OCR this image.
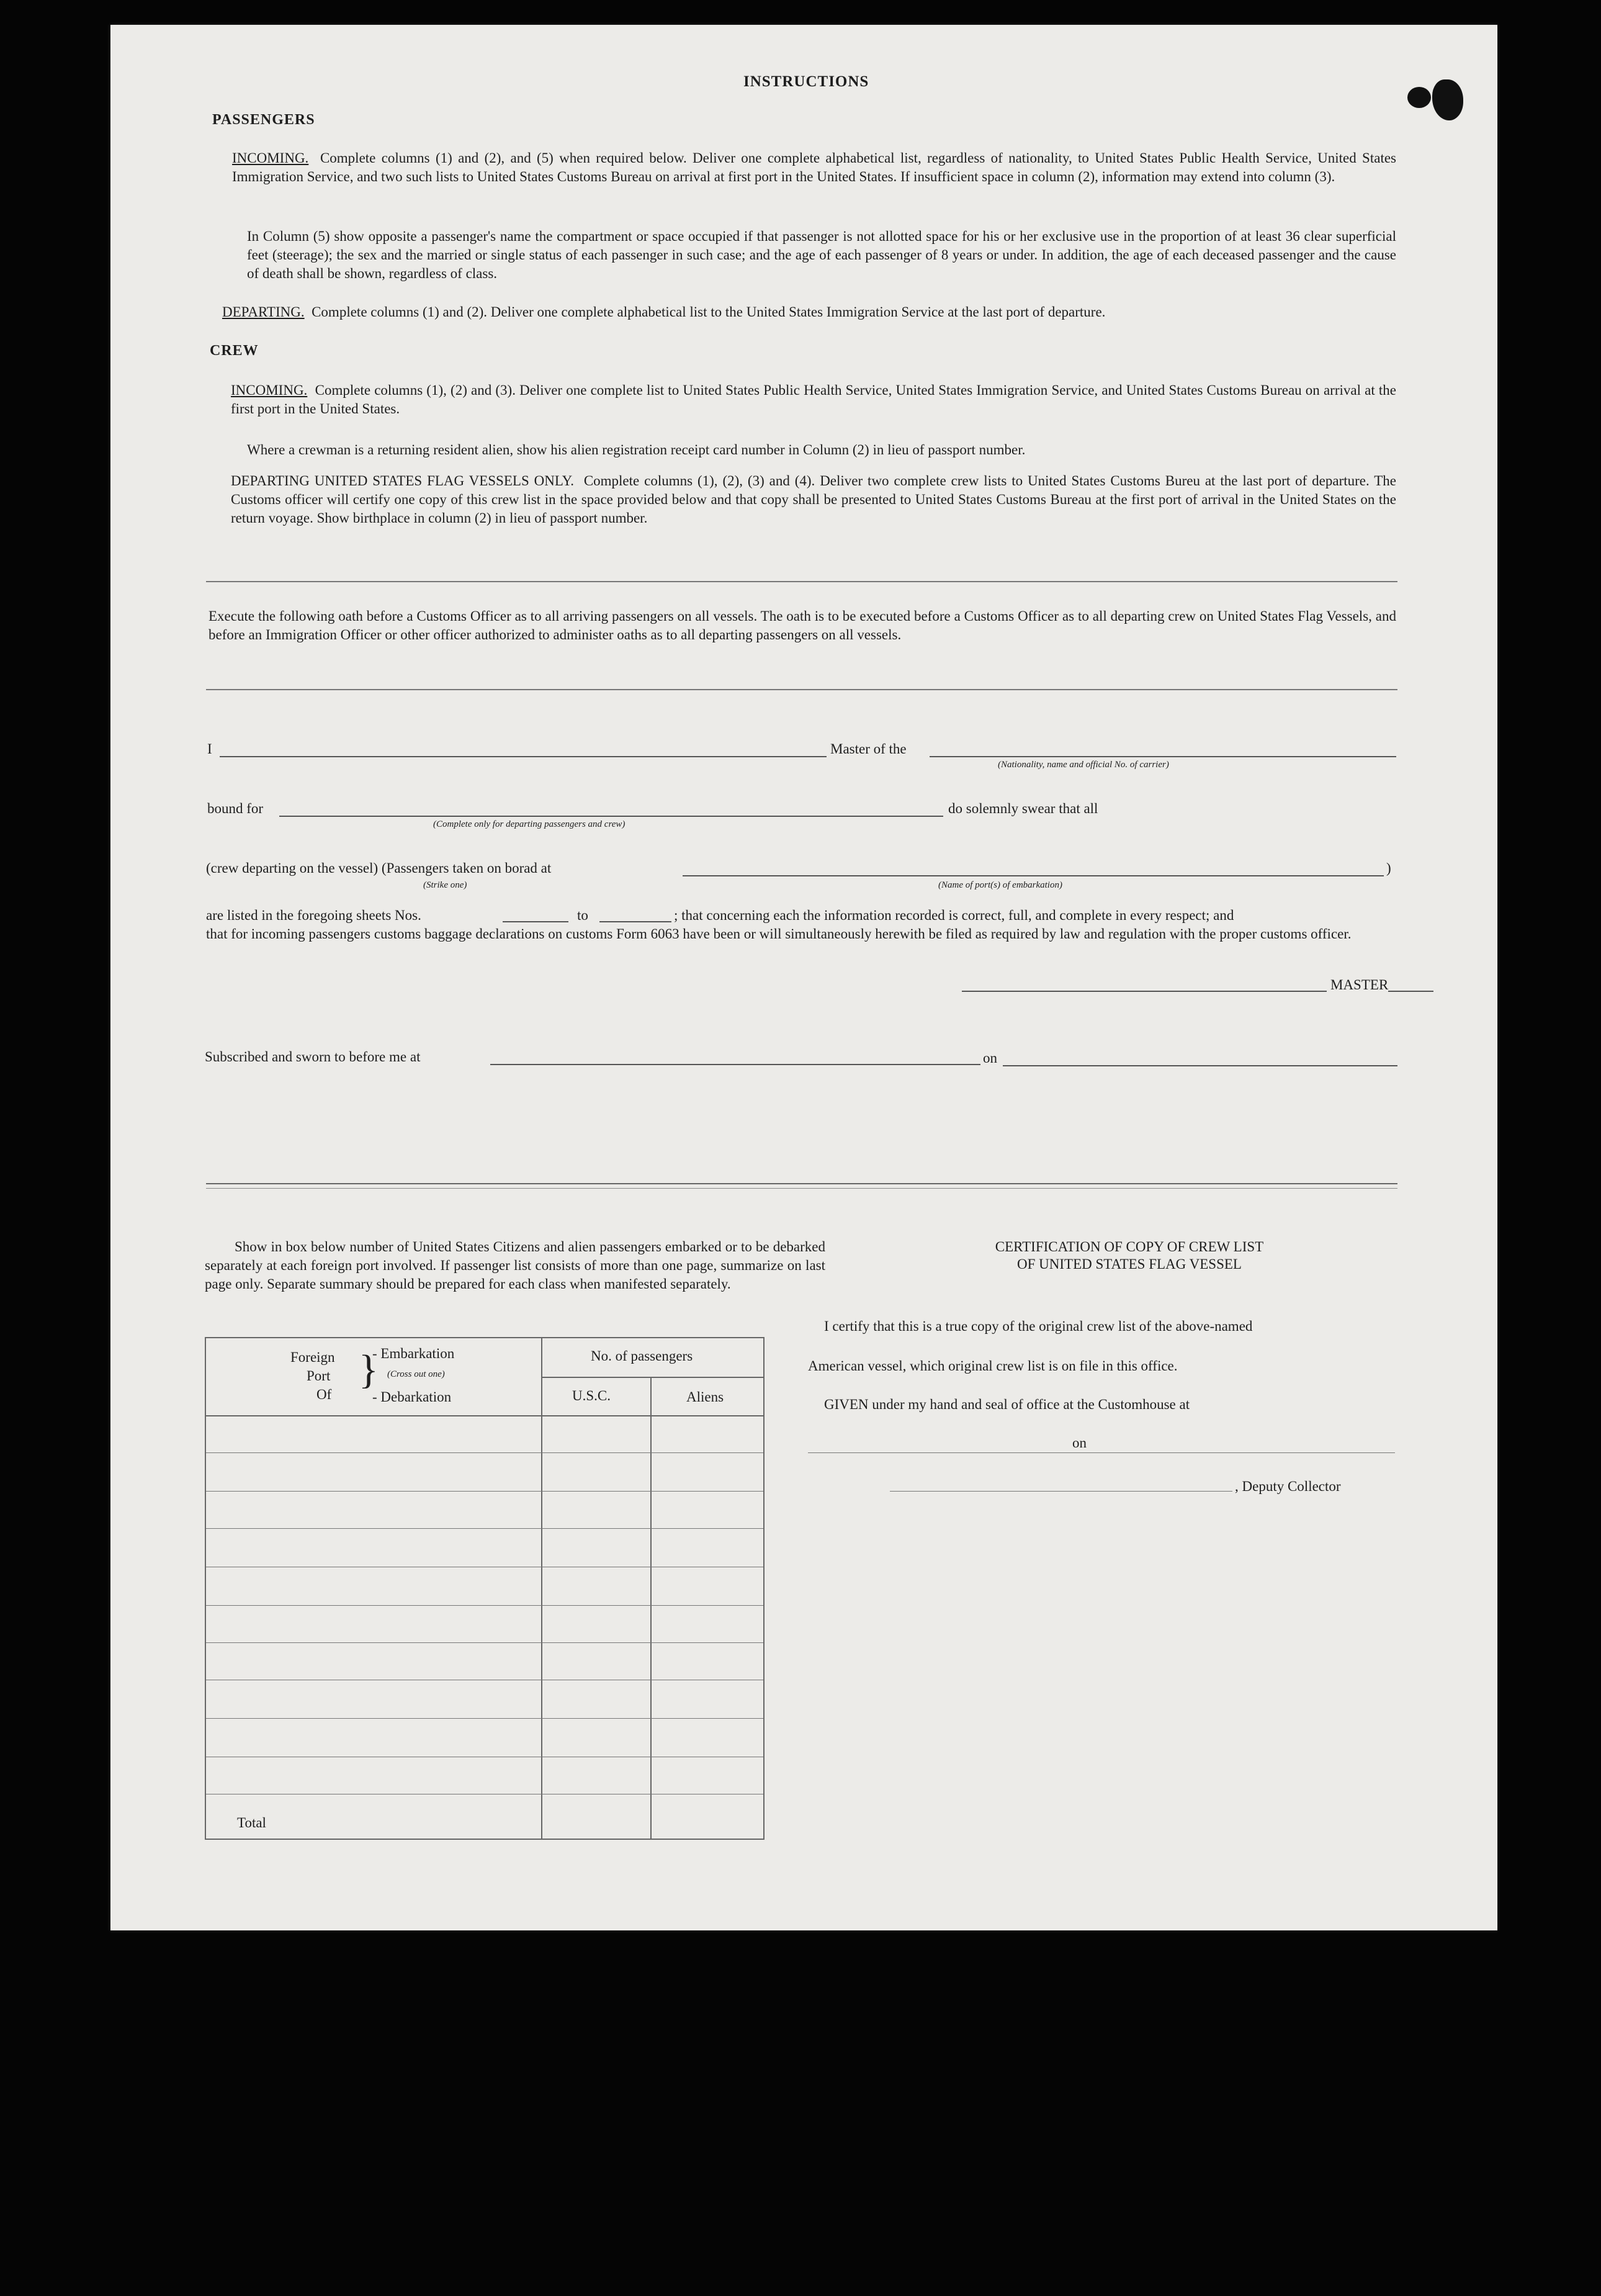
INSTRUCTIONS
PASSENGERS
INCOMING. Complete columns (1) and (2), and (5) when required below. Deliver one complete alphabetical list, regardless of nationality, to United States Public Health Service, United States Immigration Service, and two such lists to United States Customs Bureau on arrival at first port in the United States. If insufficient space in column (2), information may extend into column (3).
In Column (5) show opposite a passenger's name the compartment or space occupied if that passenger is not allotted space for his or her exclusive use in the proportion of at least 36 clear superficial feet (steerage); the sex and the married or single status of each passenger in such case; and the age of each passenger of 8 years or under. In addition, the age of each deceased passenger and the cause of death shall be shown, regardless of class.
DEPARTING. Complete columns (1) and (2). Deliver one complete alphabetical list to the United States Immigration Service at the last port of departure.
CREW
INCOMING. Complete columns (1), (2) and (3). Deliver one complete list to United States Public Health Service, United States Immigration Service, and United States Customs Bureau on arrival at the first port in the United States.
Where a crewman is a returning resident alien, show his alien registration receipt card number in Column (2) in lieu of passport number.
DEPARTING UNITED STATES FLAG VESSELS ONLY. Complete columns (1), (2), (3) and (4). Deliver two complete crew lists to United States Customs Bureu at the last port of departure. The Customs officer will certify one copy of this crew list in the space provided below and that copy shall be presented to United States Customs Bureau at the first port of arrival in the United States on the return voyage. Show birthplace in column (2) in lieu of passport number.
Execute the following oath before a Customs Officer as to all arriving passengers on all vessels. The oath is to be executed before a Customs Officer as to all departing crew on United States Flag Vessels, and before an Immigration Officer or other officer authorized to administer oaths as to all departing passengers on all vessels.
I	Master of the
(Nationality, name and official No. of carrier)
bound for	do solemnly swear that all
(Complete only for departing passengers and crew)
(crew departing on the vessel) (Passengers taken on borad at	)
(Strike one)	(Name of port(s) of embarkation)
are listed in the foregoing sheets Nos.	to	; that concerning each the information recorded is correct, full, and complete in every respect; and
that for incoming passengers customs baggage declarations on customs Form 6063 have been or will simultaneously herewith be filed as required by law and regulation with the proper customs officer.
MASTER
Subscribed and sworn to before me at	on
Show in box below number of United States Citizens and alien passengers embarked or to be debarked separately at each foreign port involved. If passenger list consists of more than one page, summarize on last page only. Separate summary should be prepared for each class when manifested separately.
Foreign
Port
Of
}
- Embarkation
(Cross out one)
- Debarkation
No. of passengers
U.S.C.	Aliens
Total
CERTIFICATION OF COPY OF CREW LIST
OF UNITED STATES FLAG VESSEL
I certify that this is a true copy of the original crew list of the above-named
American vessel, which original crew list is on file in this office.
GIVEN under my hand and seal of office at the Customhouse at
on
, Deputy Collector
